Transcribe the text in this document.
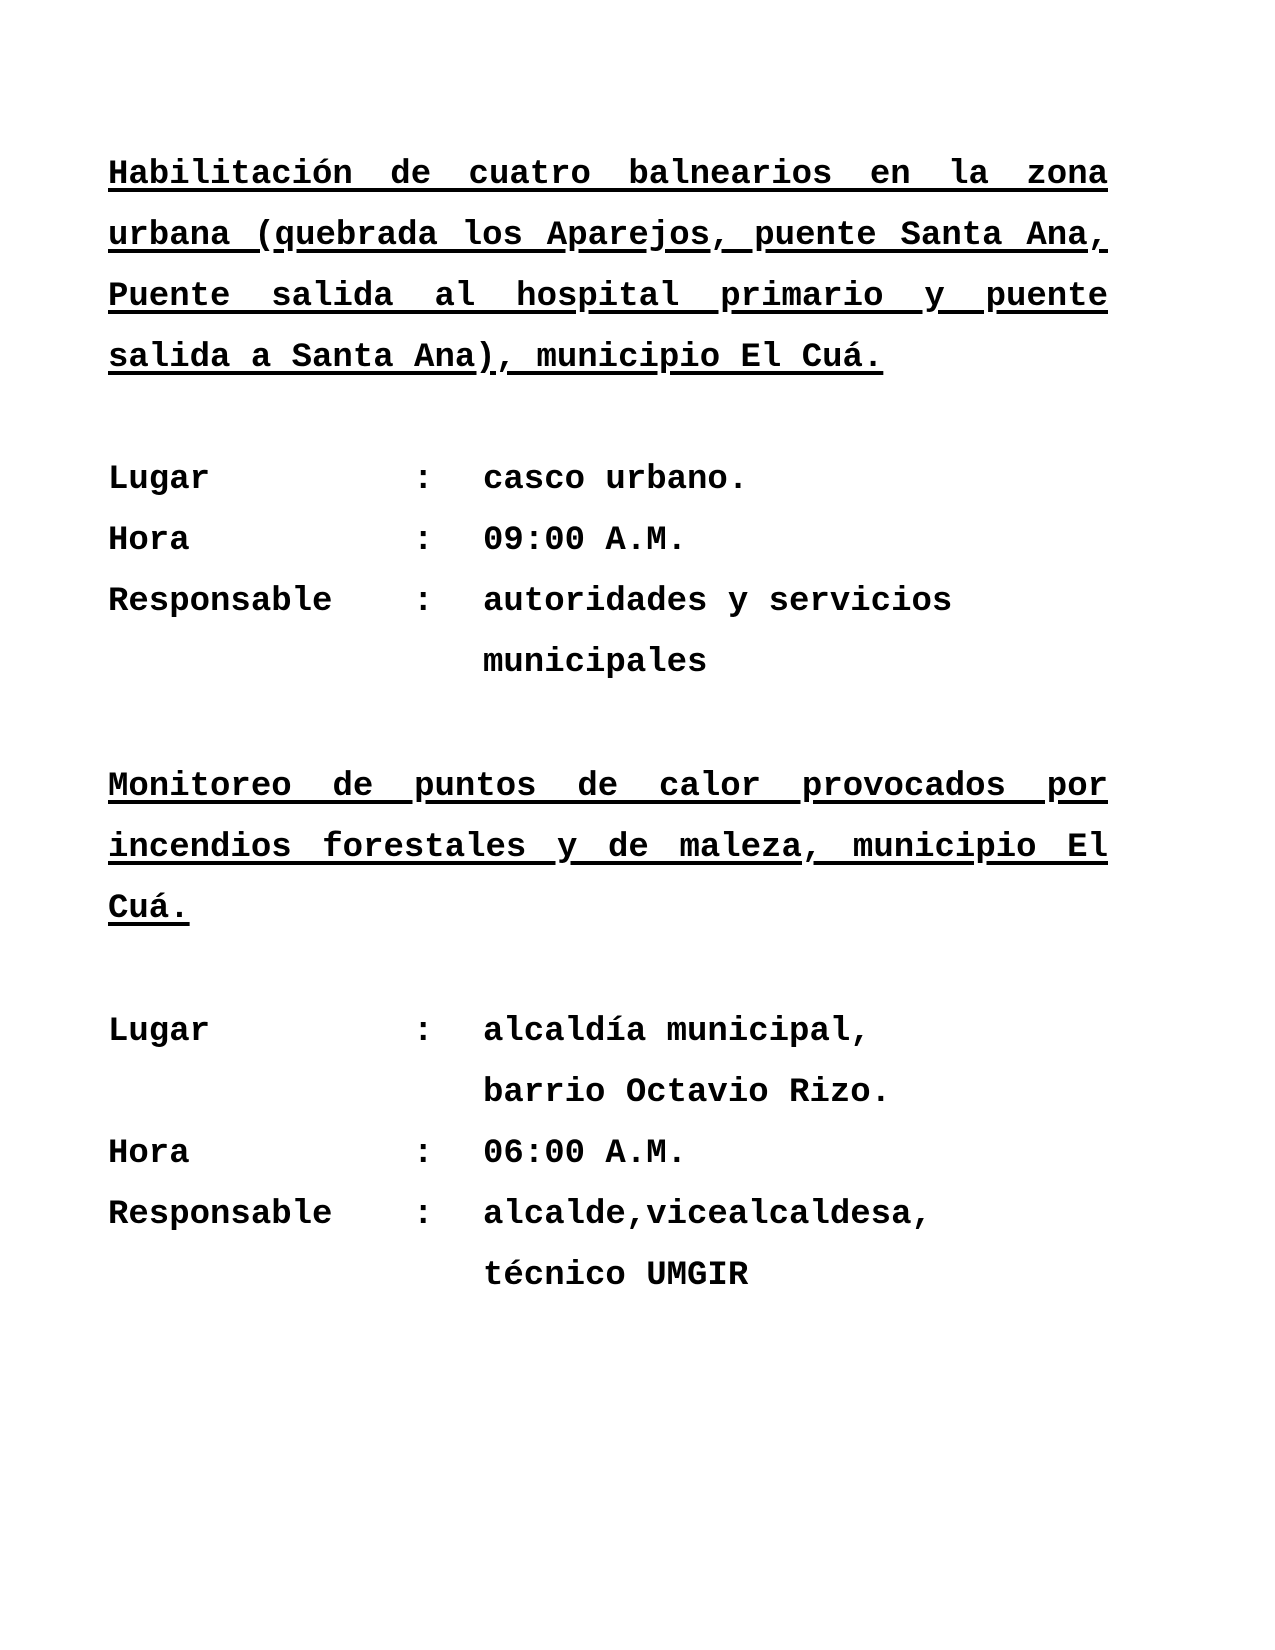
Habilitación de cuatro balnearios en la zona urbana (quebrada los Aparejos, puente Santa Ana, Puente salida al hospital primario y puente salida a Santa Ana), municipio El Cuá.

Lugar	:	casco urbano.
Hora	:	09:00 A.M.
Responsable	:	autoridades y servicios
municipales

Monitoreo de puntos de calor provocados por incendios forestales y de maleza, municipio El Cuá.

Lugar	:	alcaldía municipal,
barrio Octavio Rizo.
Hora	:	06:00 A.M.
Responsable	:	alcalde,vicealcaldesa,
técnico UMGIR
